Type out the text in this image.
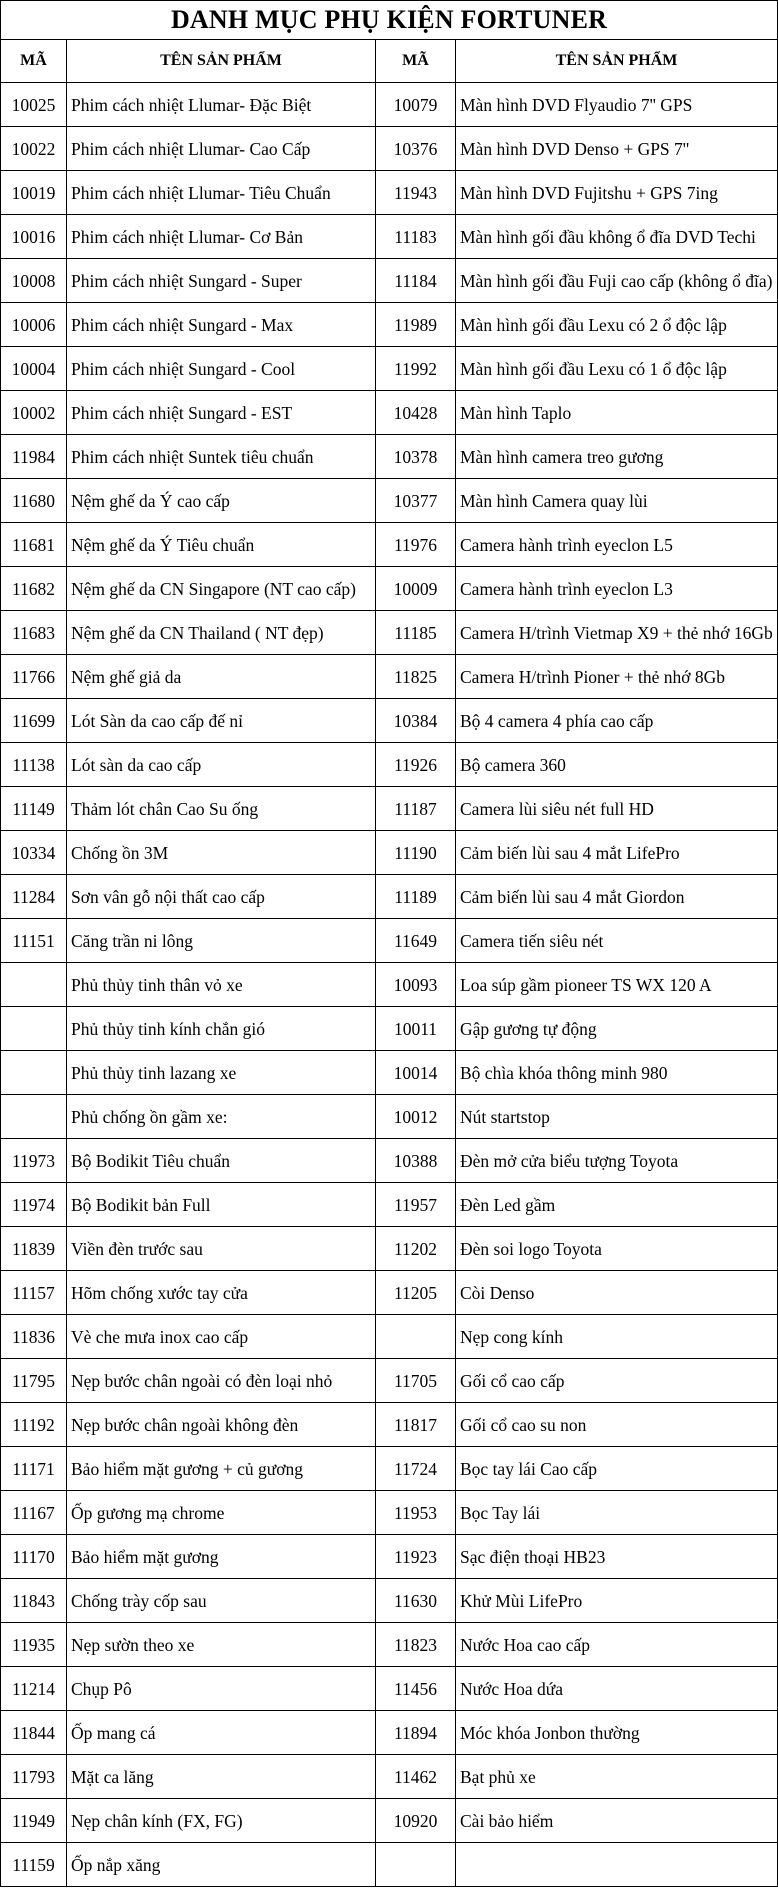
DANH MỤC PHỤ KIỆN FORTUNER			
MÃ	TÊN SẢN PHẨM	MÃ	TÊN SẢN PHẨM
10025	Phim cách nhiệt Llumar- Đặc Biệt	10079	Màn hình DVD Flyaudio 7'' GPS
10022	Phim cách nhiệt Llumar- Cao Cấp	10376	Màn hình DVD Denso + GPS 7''
10019	Phim cách nhiệt Llumar- Tiêu Chuẩn	11943	Màn hình DVD Fujitshu + GPS 7ing
10016	Phim cách nhiệt Llumar- Cơ Bản	11183	Màn hình gối đầu không ổ đĩa DVD Techi
10008	Phim cách nhiệt Sungard - Super	11184	Màn hình gối đầu Fuji cao cấp (không ổ đĩa)
10006	Phim cách nhiệt Sungard - Max	11989	Màn hình gối đầu Lexu có 2 ổ độc lập
10004	Phim cách nhiệt Sungard - Cool	11992	Màn hình gối đầu Lexu có 1 ổ độc lập
10002	Phim cách nhiệt Sungard - EST	10428	Màn hình Taplo
11984	Phim cách nhiệt Suntek tiêu chuẩn	10378	Màn hình camera treo gương
11680	Nệm ghế da Ý cao cấp	10377	Màn hình Camera quay lùi
11681	Nệm ghế da Ý Tiêu chuẩn	11976	Camera hành trình eyeclon L5
11682	Nệm ghế da CN Singapore (NT cao cấp)	10009	Camera hành trình eyeclon L3
11683	Nệm ghế da CN Thailand ( NT đẹp)	11185	Camera H/trình Vietmap X9 + thẻ nhớ 16Gb
11766	Nệm ghế giả da	11825	Camera H/trình Pioner + thẻ nhớ 8Gb
11699	Lót Sàn da cao cấp đế nỉ	10384	Bộ 4 camera 4 phía cao cấp
11138	Lót sàn da cao cấp	11926	Bộ camera 360
11149	Thảm lót chân Cao Su ống	11187	Camera lùi siêu nét full HD
10334	Chống ồn 3M	11190	Cảm biến lùi sau 4 mắt LifePro
11284	Sơn vân gỗ nội thất cao cấp	11189	Cảm biến lùi sau 4 mắt Giordon
11151	Căng trần ni lông	11649	Camera tiến siêu nét
	Phủ thủy tinh thân vỏ xe	10093	Loa súp gầm pioneer TS WX 120 A
	Phủ thủy tinh kính chắn gió	10011	Gập gương tự động
	Phủ thủy tinh lazang xe	10014	Bộ chìa khóa thông minh 980
	Phủ chống ồn gầm xe:	10012	Nút startstop
11973	Bộ Bodikit Tiêu chuẩn	10388	Đèn mở cửa biểu tượng Toyota
11974	Bộ Bodikit bản Full	11957	Đèn Led gầm
11839	Viền đèn trước sau	11202	Đèn soi logo Toyota
11157	Hõm chống xước tay cửa	11205	Còi Denso
11836	Vè che mưa inox cao cấp		Nẹp cong kính
11795	Nẹp bước chân ngoài có đèn loại nhỏ	11705	Gối cổ cao cấp
11192	Nẹp bước chân ngoài không đèn	11817	Gối cổ cao su non
11171	Bảo hiểm mặt gương + củ gương	11724	Bọc tay lái Cao cấp
11167	Ốp gương mạ chrome	11953	Bọc Tay lái
11170	Bảo hiểm mặt gương	11923	Sạc điện thoại HB23
11843	Chống trày cốp sau	11630	Khử Mùi LifePro
11935	Nẹp sườn theo xe	11823	Nước Hoa cao cấp
11214	Chụp Pô	11456	Nước Hoa dứa
11844	Ốp mang cá	11894	Móc khóa Jonbon thường
11793	Mặt ca lăng	11462	Bạt phủ xe
11949	Nẹp chân kính (FX, FG)	10920	Cài bảo hiểm
11159	Ốp nắp xăng		
